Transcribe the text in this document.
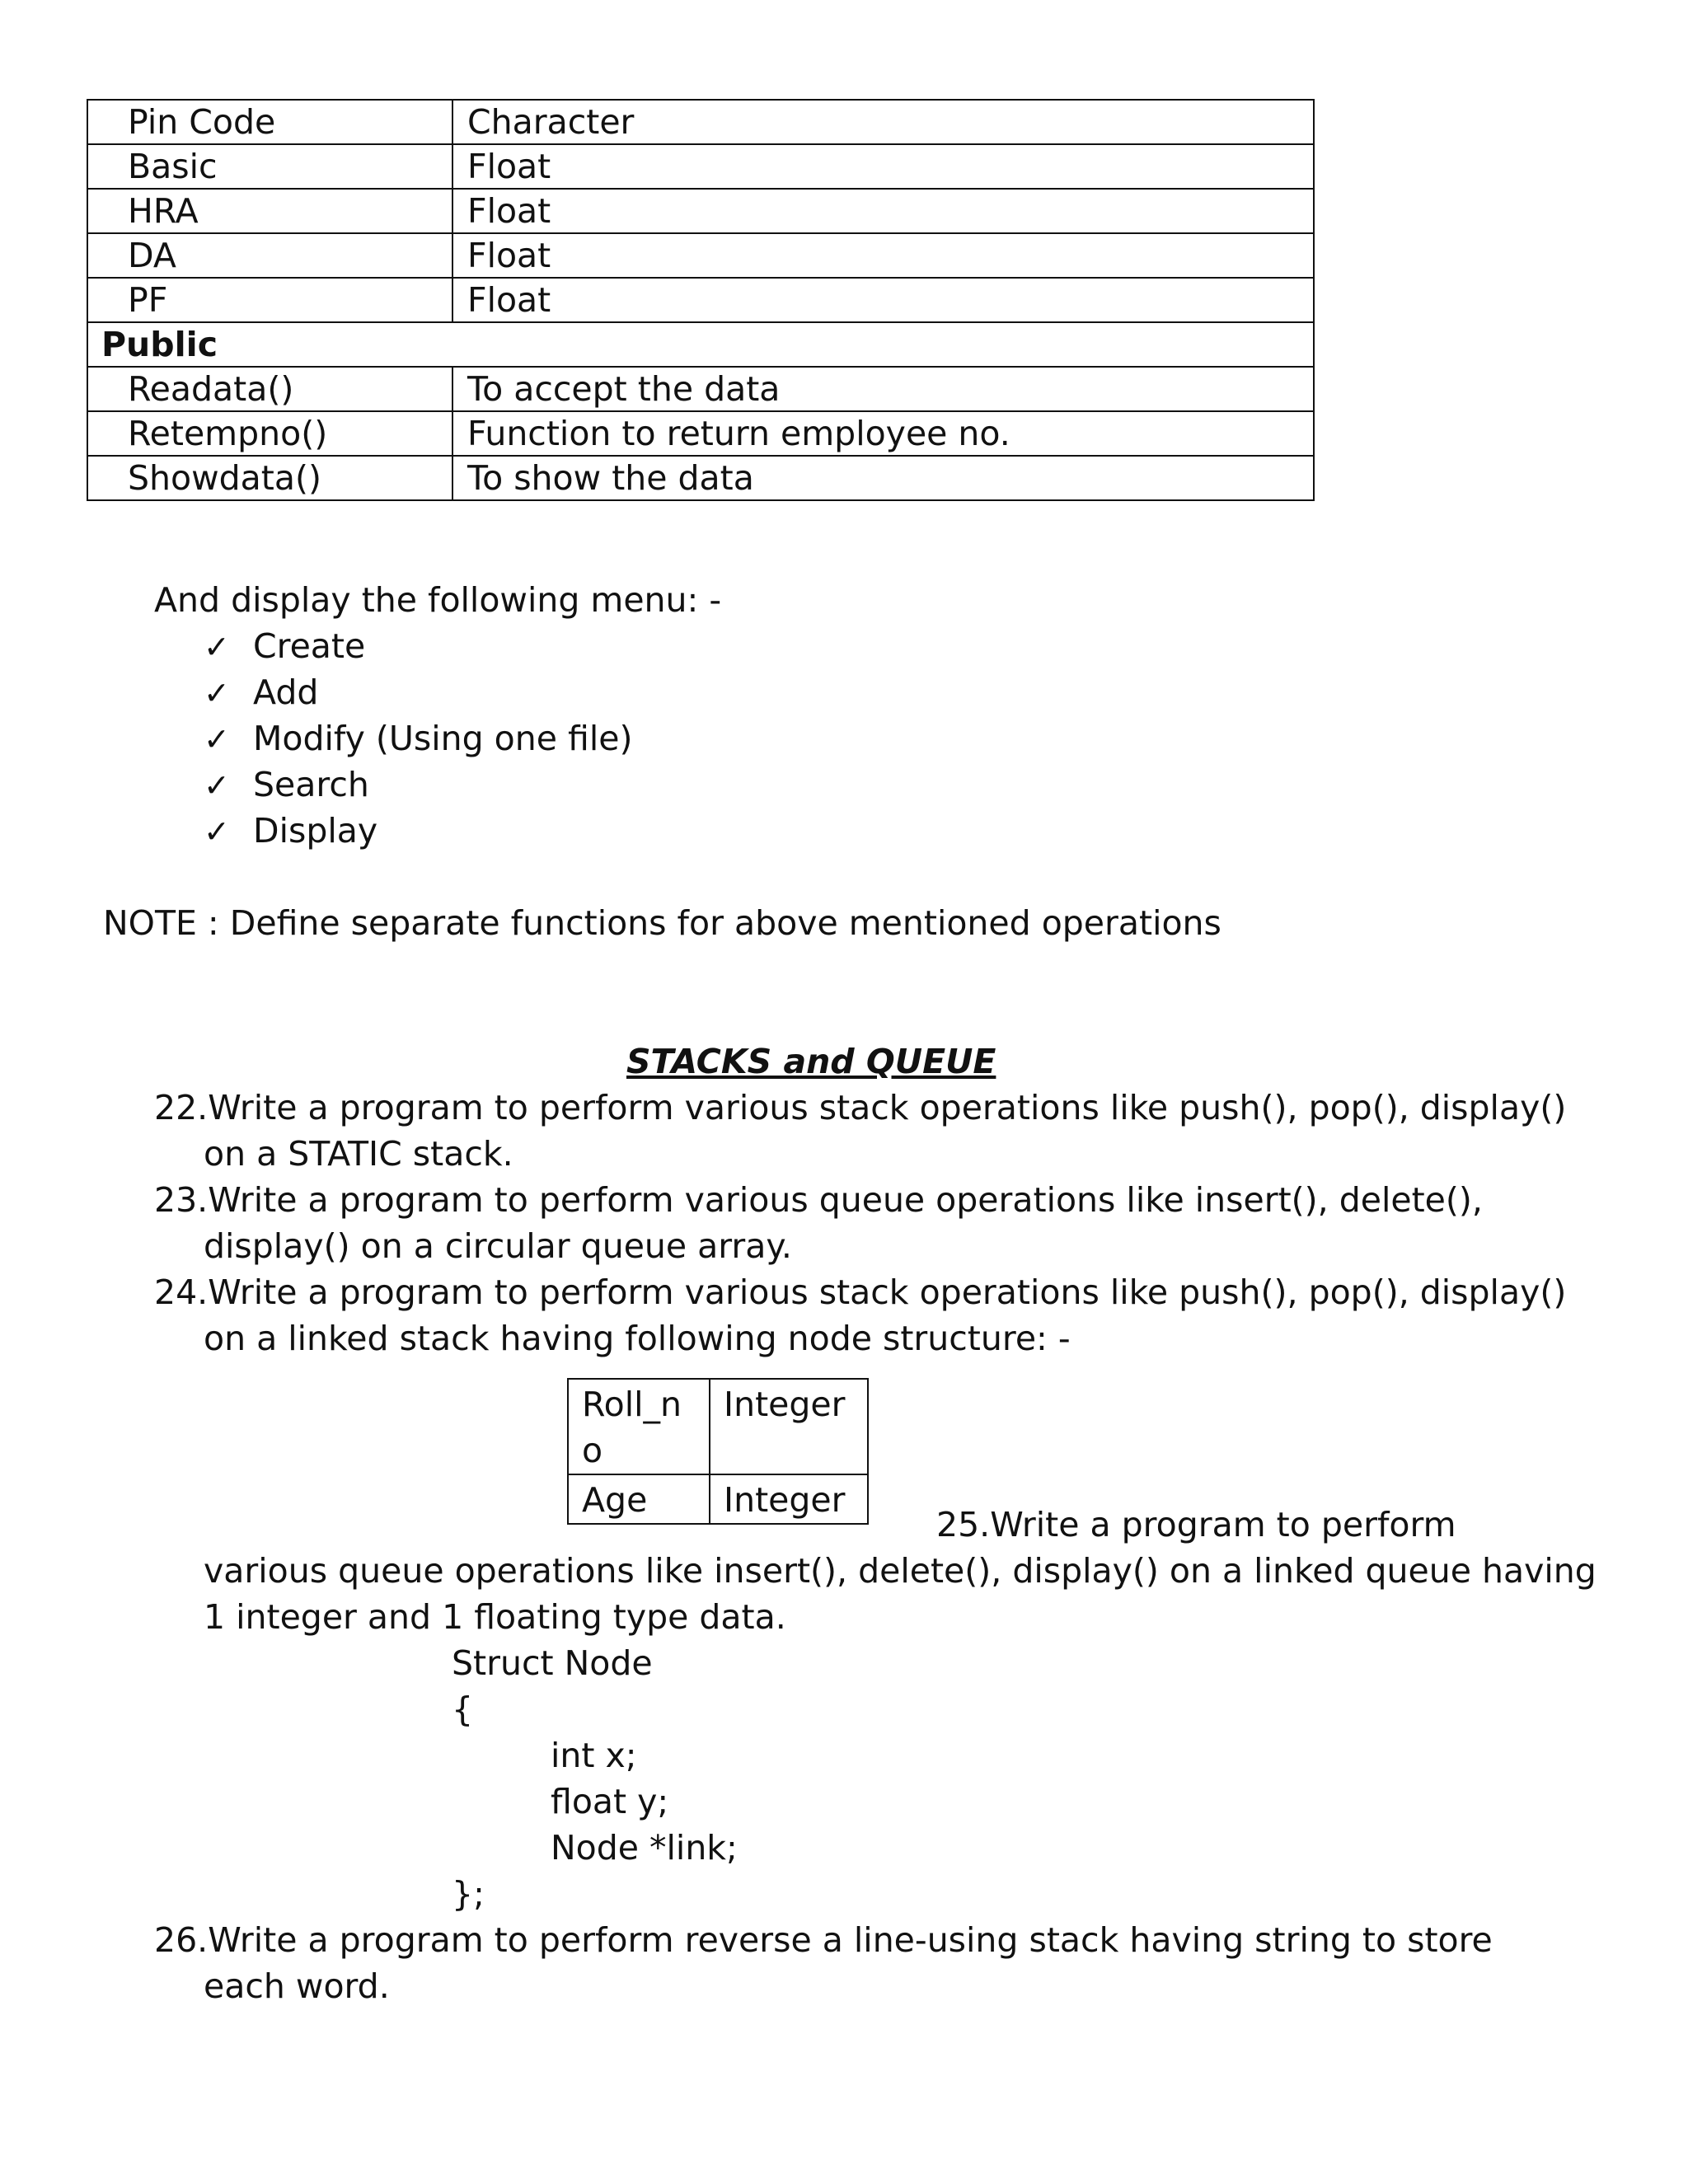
Pin Code	Character
Basic	Float
HRA	Float
DA	Float
PF	Float
Public	
Readata()	To accept the data
Retempno()	Function to return employee no.
Showdata()	To show the data
And display the following menu: -
✓ Create
✓ Add
✓ Modify (Using one file)
✓ Search
✓ Display
NOTE : Define separate functions for above mentioned operations
STACKS and QUEUE
22.Write a program to perform various stack operations like push(), pop(), display()
on a STATIC stack.
23.Write a program to perform various queue operations like insert(), delete(),
display() on a circular queue array.
24.Write a program to perform various stack operations like push(), pop(), display()
on a linked stack having following node structure: -
Roll_n
o	Integer
Age	Integer
25.Write a program to perform
various queue operations like insert(), delete(), display() on a linked queue having
1 integer and 1 floating type data.
Struct Node
{
int x;
float y;
Node *link;
};
26.Write a program to perform reverse a line-using stack having string to store
each word.
